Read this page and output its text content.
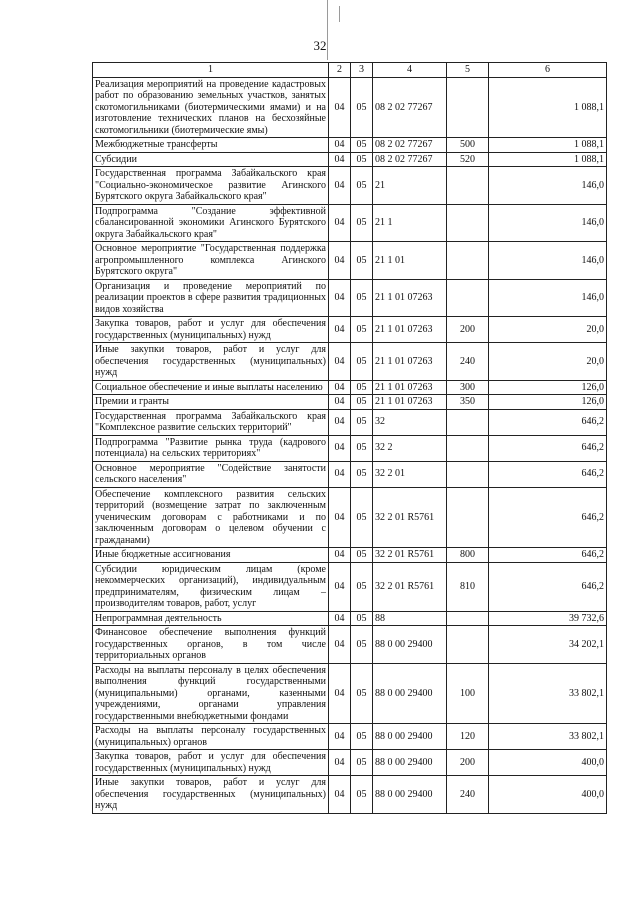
32
1	2	3	4	5	6
Реализация мероприятий на проведение кадастровых работ по образованию земельных участков, занятых скотомогильниками (биотермическими ямами) и на изготовление технических планов на бесхозяйные скотомогильники (биотермические ямы)	04	05	08 2 02 77267		1 088,1
Межбюджетные трансферты	04	05	08 2 02 77267	500	1 088,1
Субсидии	04	05	08 2 02 77267	520	1 088,1
Государственная программа Забайкальского края "Социально-экономическое развитие Агинского Бурятского округа Забайкальского края"	04	05	21		146,0
Подпрограмма "Создание эффективной сбалансированной экономики Агинского Бурятского округа Забайкальского края"	04	05	21 1		146,0
Основное мероприятие "Государственная поддержка агропромышленного комплекса Агинского Бурятского округа"	04	05	21 1 01		146,0
Организация и проведение мероприятий по реализации проектов в сфере развития традиционных видов хозяйства	04	05	21 1 01 07263		146,0
Закупка товаров, работ и услуг для обеспечения государственных (муниципальных) нужд	04	05	21 1 01 07263	200	20,0
Иные закупки товаров, работ и услуг для обеспечения государственных (муниципальных) нужд	04	05	21 1 01 07263	240	20,0
Социальное обеспечение и иные выплаты населению	04	05	21 1 01 07263	300	126,0
Премии и гранты	04	05	21 1 01 07263	350	126,0
Государственная программа Забайкальского края "Комплексное развитие сельских территорий"	04	05	32		646,2
Подпрограмма "Развитие рынка труда (кадрового потенциала) на сельских территориях"	04	05	32 2		646,2
Основное мероприятие "Содействие занятости сельского населения"	04	05	32 2 01		646,2
Обеспечение комплексного развития сельских территорий (возмещение затрат по заключенным ученическим договорам с работниками и по заключенным договорам о целевом обучении с гражданами)	04	05	32 2 01 R5761		646,2
Иные бюджетные ассигнования	04	05	32 2 01 R5761	800	646,2
Субсидии юридическим лицам (кроме некоммерческих организаций), индивидуальным предпринимателям, физическим лицам – производителям товаров, работ, услуг	04	05	32 2 01 R5761	810	646,2
Непрограммная деятельность	04	05	88		39 732,6
Финансовое обеспечение выполнения функций государственных органов, в том числе территориальных органов	04	05	88 0 00 29400		34 202,1
Расходы на выплаты персоналу в целях обеспечения выполнения функций государственными (муниципальными) органами, казенными учреждениями, органами управления государственными внебюджетными фондами	04	05	88 0 00 29400	100	33 802,1
Расходы на выплаты персоналу государственных (муниципальных) органов	04	05	88 0 00 29400	120	33 802,1
Закупка товаров, работ и услуг для обеспечения государственных (муниципальных) нужд	04	05	88 0 00 29400	200	400,0
Иные закупки товаров, работ и услуг для обеспечения государственных (муниципальных) нужд	04	05	88 0 00 29400	240	400,0
